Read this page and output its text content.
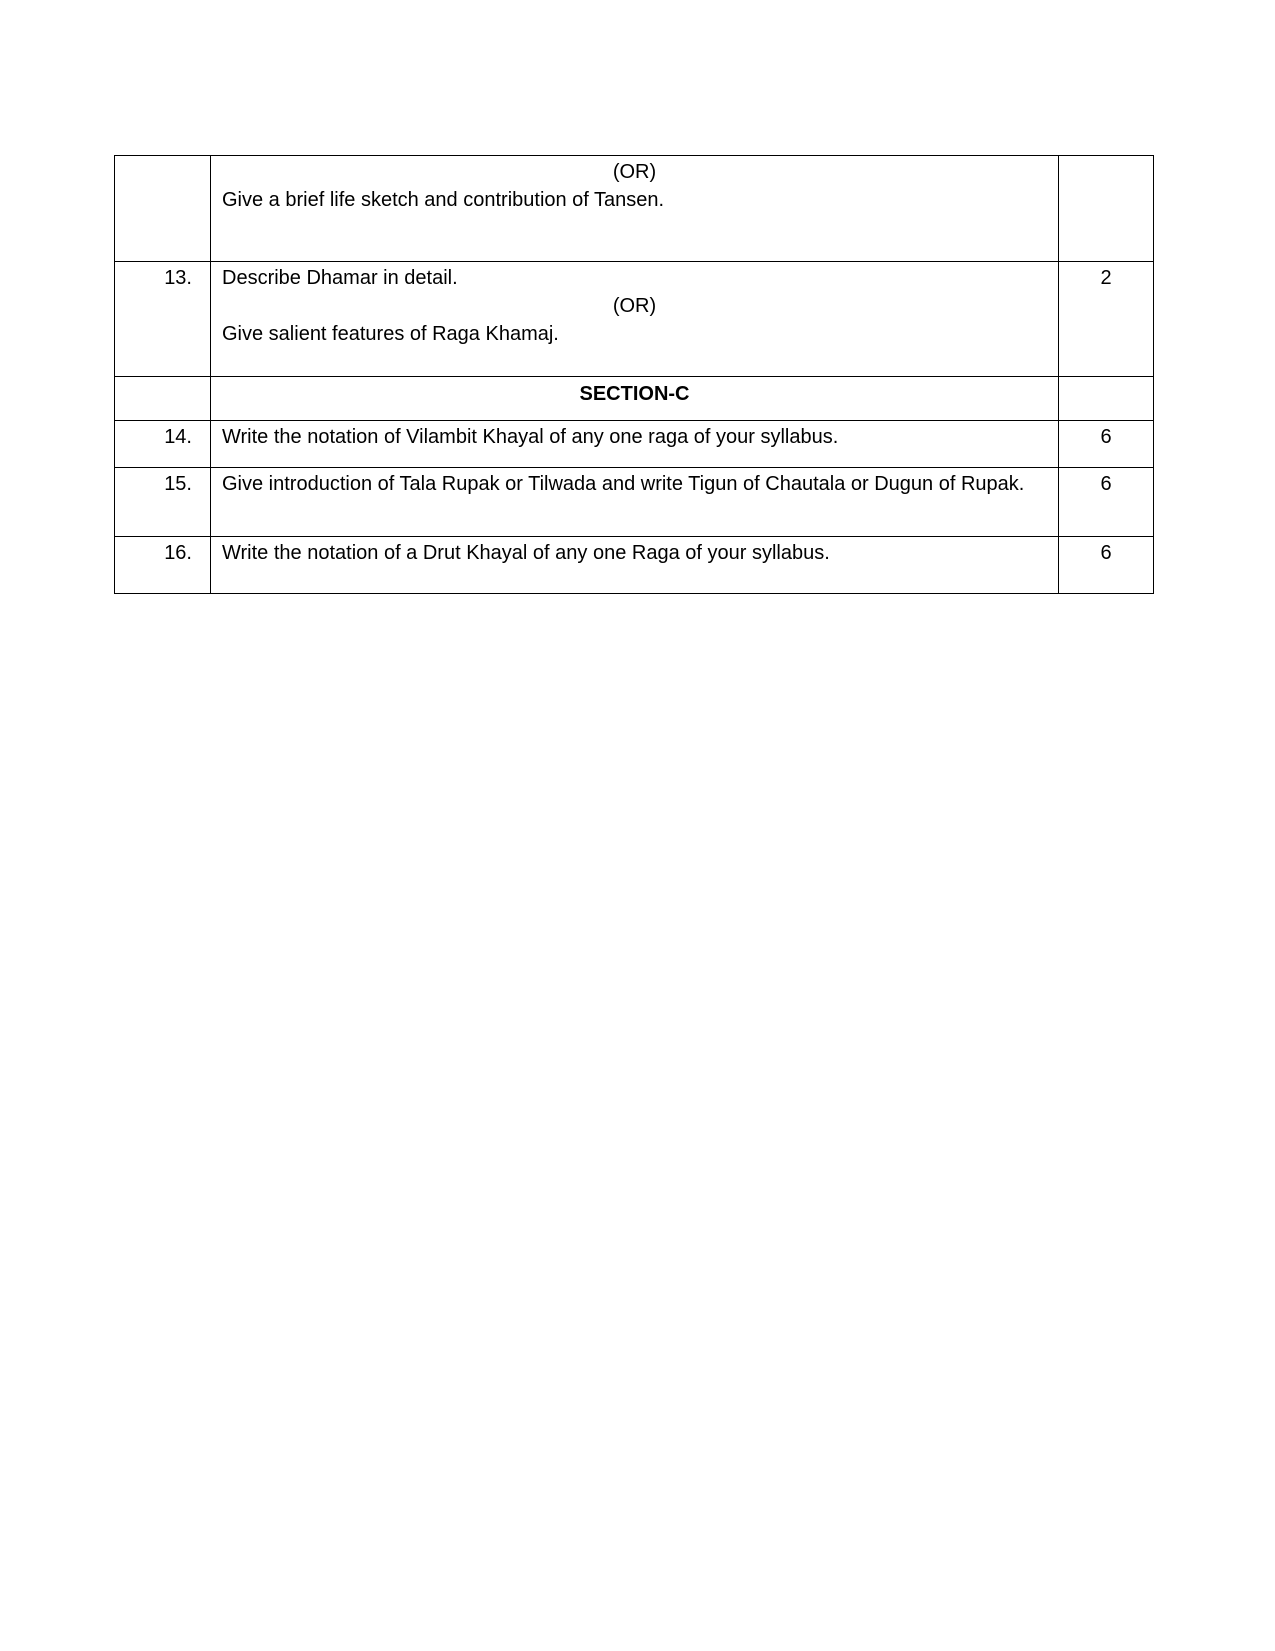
	(OR)
Give a brief life sketch and contribution of Tansen.	

13.	Describe Dhamar in detail.
(OR)
Give salient features of Raga Khamaj.	2
	SECTION-C	
14.	Write the notation of Vilambit Khayal of any one raga of your syllabus.	6
15.	Give introduction of Tala Rupak or Tilwada and write Tigun of Chautala or Dugun of Rupak.	6
16.	Write the notation of a Drut Khayal of any one Raga of your syllabus.	6
